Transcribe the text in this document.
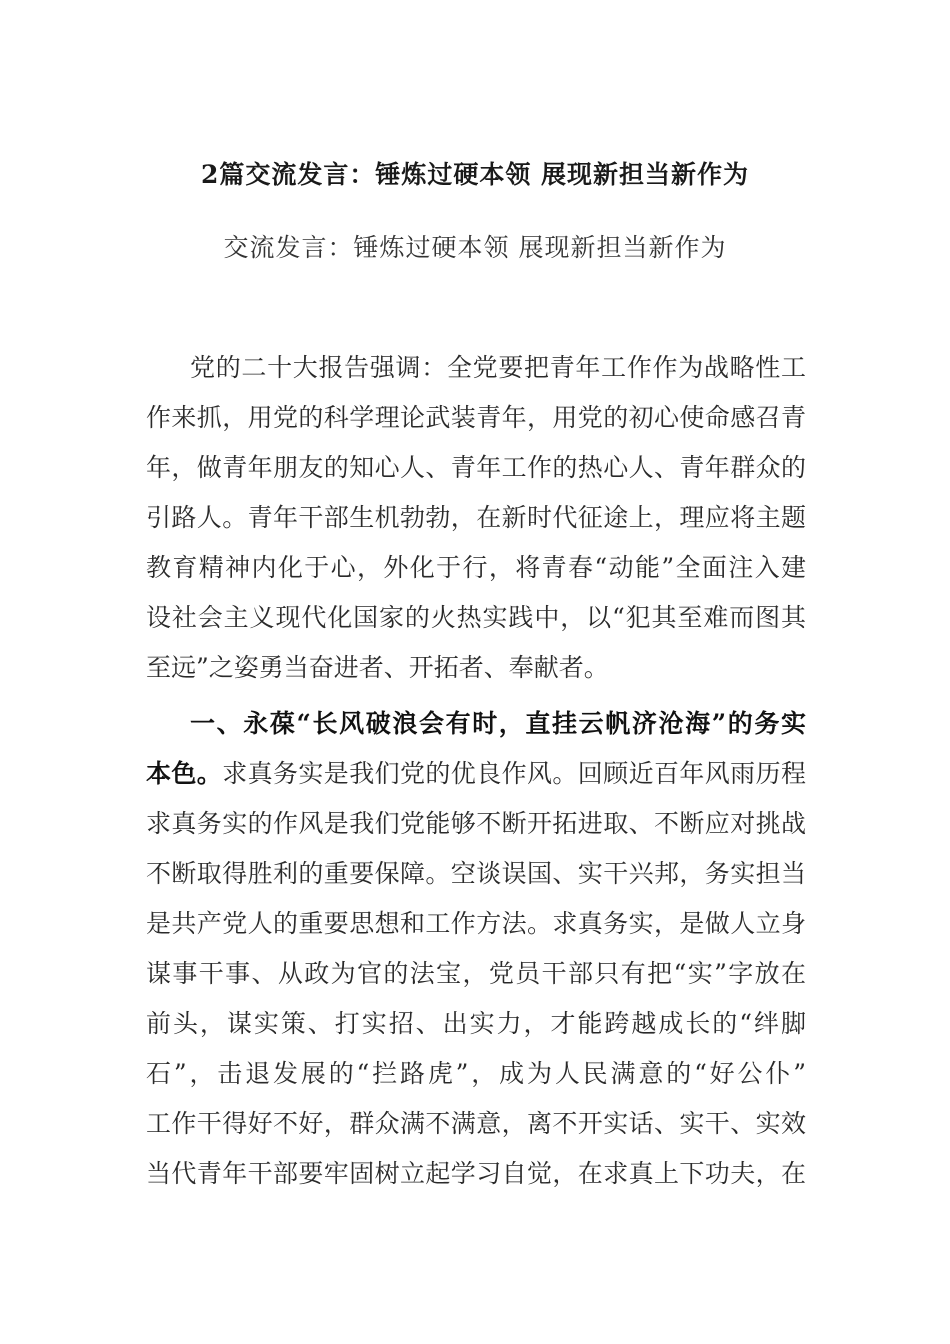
2篇交流发言：锤炼过硬本领 展现新担当新作为
交流发言：锤炼过硬本领 展现新担当新作为
党的二十大报告强调：全党要把青年工作作为战略性工
作来抓，用党的科学理论武装青年，用党的初心使命感召青
年，做青年朋友的知心人、青年工作的热心人、青年群众的
引路人。青年干部生机勃勃，在新时代征途上，理应将主题
教育精神内化于心，外化于行，将青春“动能”全面注入建
设社会主义现代化国家的火热实践中，以“犯其至难而图其
至远”之姿勇当奋进者、开拓者、奉献者。
一、永葆“长风破浪会有时，直挂云帆济沧海”的务实
本色。求真务实是我们党的优良作风。回顾近百年风雨历程
求真务实的作风是我们党能够不断开拓进取、不断应对挑战
不断取得胜利的重要保障。空谈误国、实干兴邦，务实担当
是共产党人的重要思想和工作方法。求真务实，是做人立身
谋事干事、从政为官的法宝，党员干部只有把“实”字放在
前头，谋实策、打实招、出实力，才能跨越成长的“绊脚
石”，击退发展的“拦路虎”，成为人民满意的“好公仆”
工作干得好不好，群众满不满意，离不开实话、实干、实效
当代青年干部要牢固树立起学习自觉，在求真上下功夫，在
